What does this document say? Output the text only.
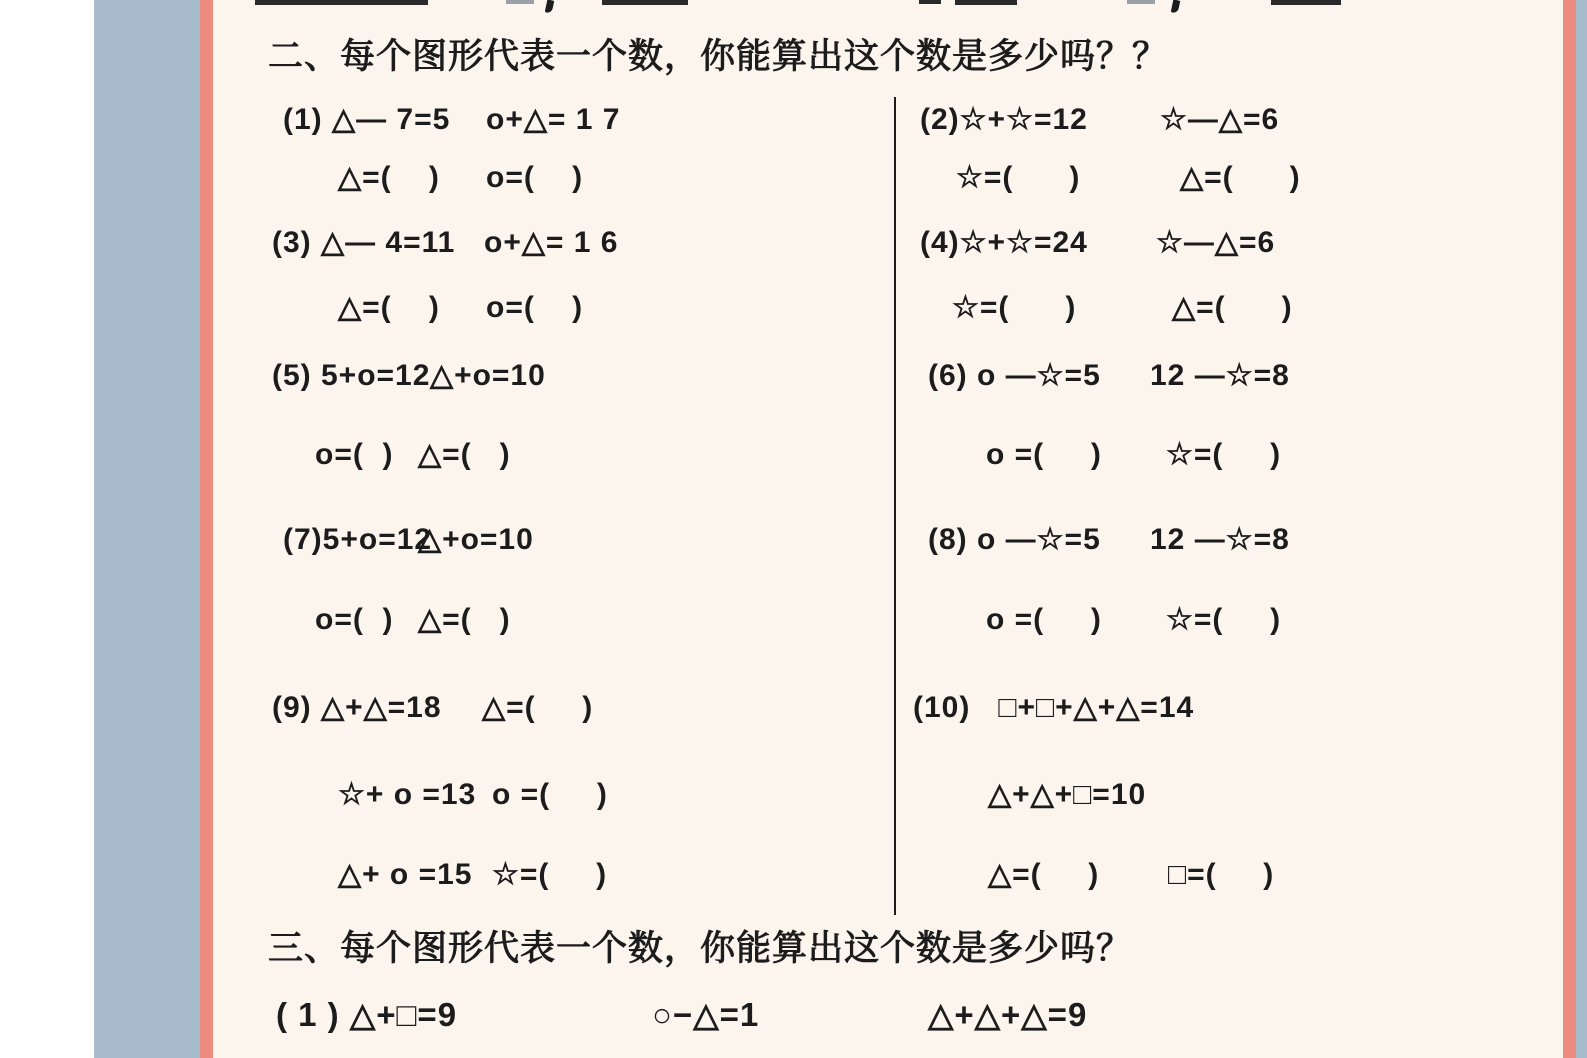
二、每个图形代表一个数，你能算出这个数是多少吗？？
(1) △— 7=5 o+△= 1 7
△=(    ) o=(    )
(2)☆+☆=12 ☆—△=6
☆=(      )	△=(      )
(3) △— 4=11 o+△= 1 6
△=(    ) o=(    )
(4)☆+☆=24 ☆—△=6
☆=(      )	△=(      )
(5) 5+o=12 △+o=10
o=(  ) △=(   )
(6) o —☆=5 12 —☆=8
o =(     ) ☆=(     )
(7)5+o=12
△+o=10
o=(  ) △=(   )
(8) o —☆=5 12 —☆=8
o =(     ) ☆=(     )
(9) △+△=18 △=(     )
☆+ o =13 o =(     )
△+ o =15 ☆=(     )
(10)   □+□+△+△=14
△+△+□=10
△=(     ) □=(     )
三、每个图形代表一个数，你能算出这个数是多少吗？
( 1 ) △+□=9	○−△=1	△+△+△=9
